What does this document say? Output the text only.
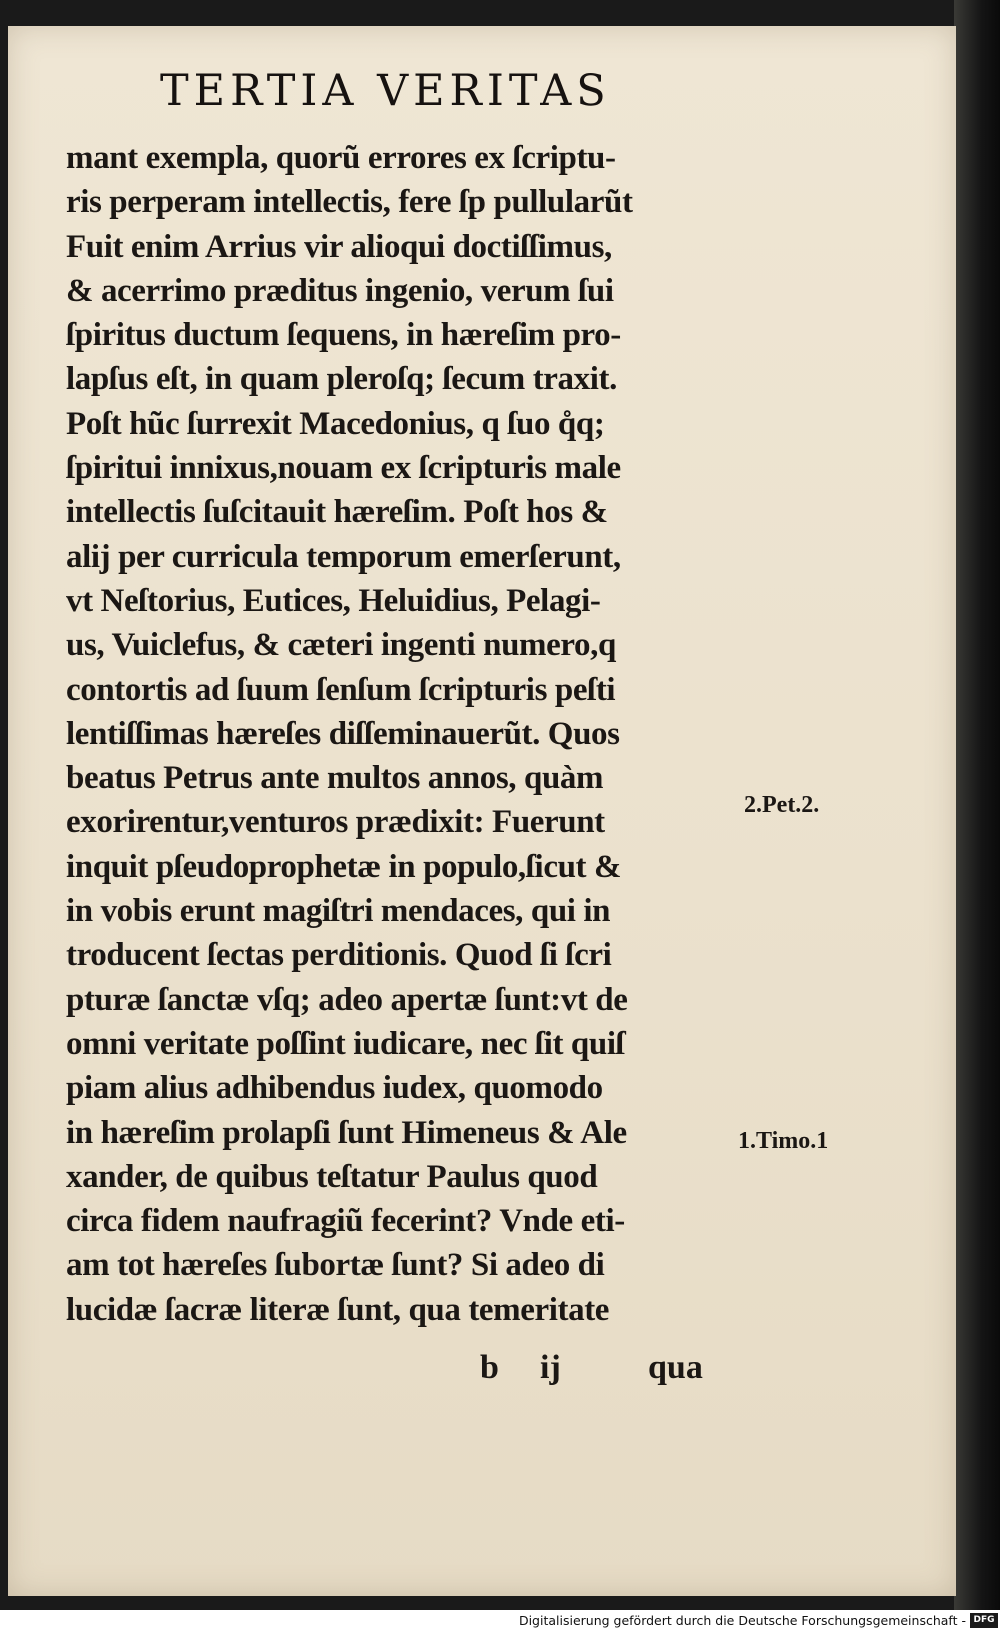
TERTIA VERITAS
mant exempla, quorũ errores ex ſcriptu-
ris perperam intellectis, fere ſp pullularũt
Fuit enim Arrius vir alioqui doctiſſimus,
& acerrimo præditus ingenio, verum ſui
ſpiritus ductum ſequens, in hæreſim pro-
lapſus eſt, in quam pleroſq; ſecum traxit.
Poſt hũc ſurrexit Macedonius, q ſuo q̊q;
ſpiritui innixus,nouam ex ſcripturis male
intellectis ſuſcitauit hæreſim. Poſt hos &
alij per curricula temporum emerſerunt,
vt Neſtorius, Eutices, Heluidius, Pelagi-
us, Vuiclefus, & cæteri ingenti numero,q
contortis ad ſuum ſenſum ſcripturis peſti
lentiſſimas hæreſes diſſeminauerũt. Quos
beatus Petrus ante multos annos, quàm
exorirentur,venturos prædixit: Fuerunt
inquit pſeudoprophetæ in populo,ſicut &
in vobis erunt magiſtri mendaces, qui in
troducent ſectas perditionis. Quod ſi ſcri
pturæ ſanctæ vſq; adeo apertæ ſunt:vt de
omni veritate poſſint iudicare, nec ſit quiſ
piam alius adhibendus iudex, quomodo
in hæreſim prolapſi ſunt Himeneus & Ale
xander, de quibus teſtatur Paulus quod
circa fidem naufragiũ fecerint? Vnde eti-
am tot hæreſes ſubortæ ſunt? Si adeo di
lucidæ ſacræ literæ ſunt, qua temeritate
2.Pet.2.
1.Timo.1
b ij	qua
Digitalisierung gefördert durch die Deutsche Forschungsgemeinschaft - DFG
